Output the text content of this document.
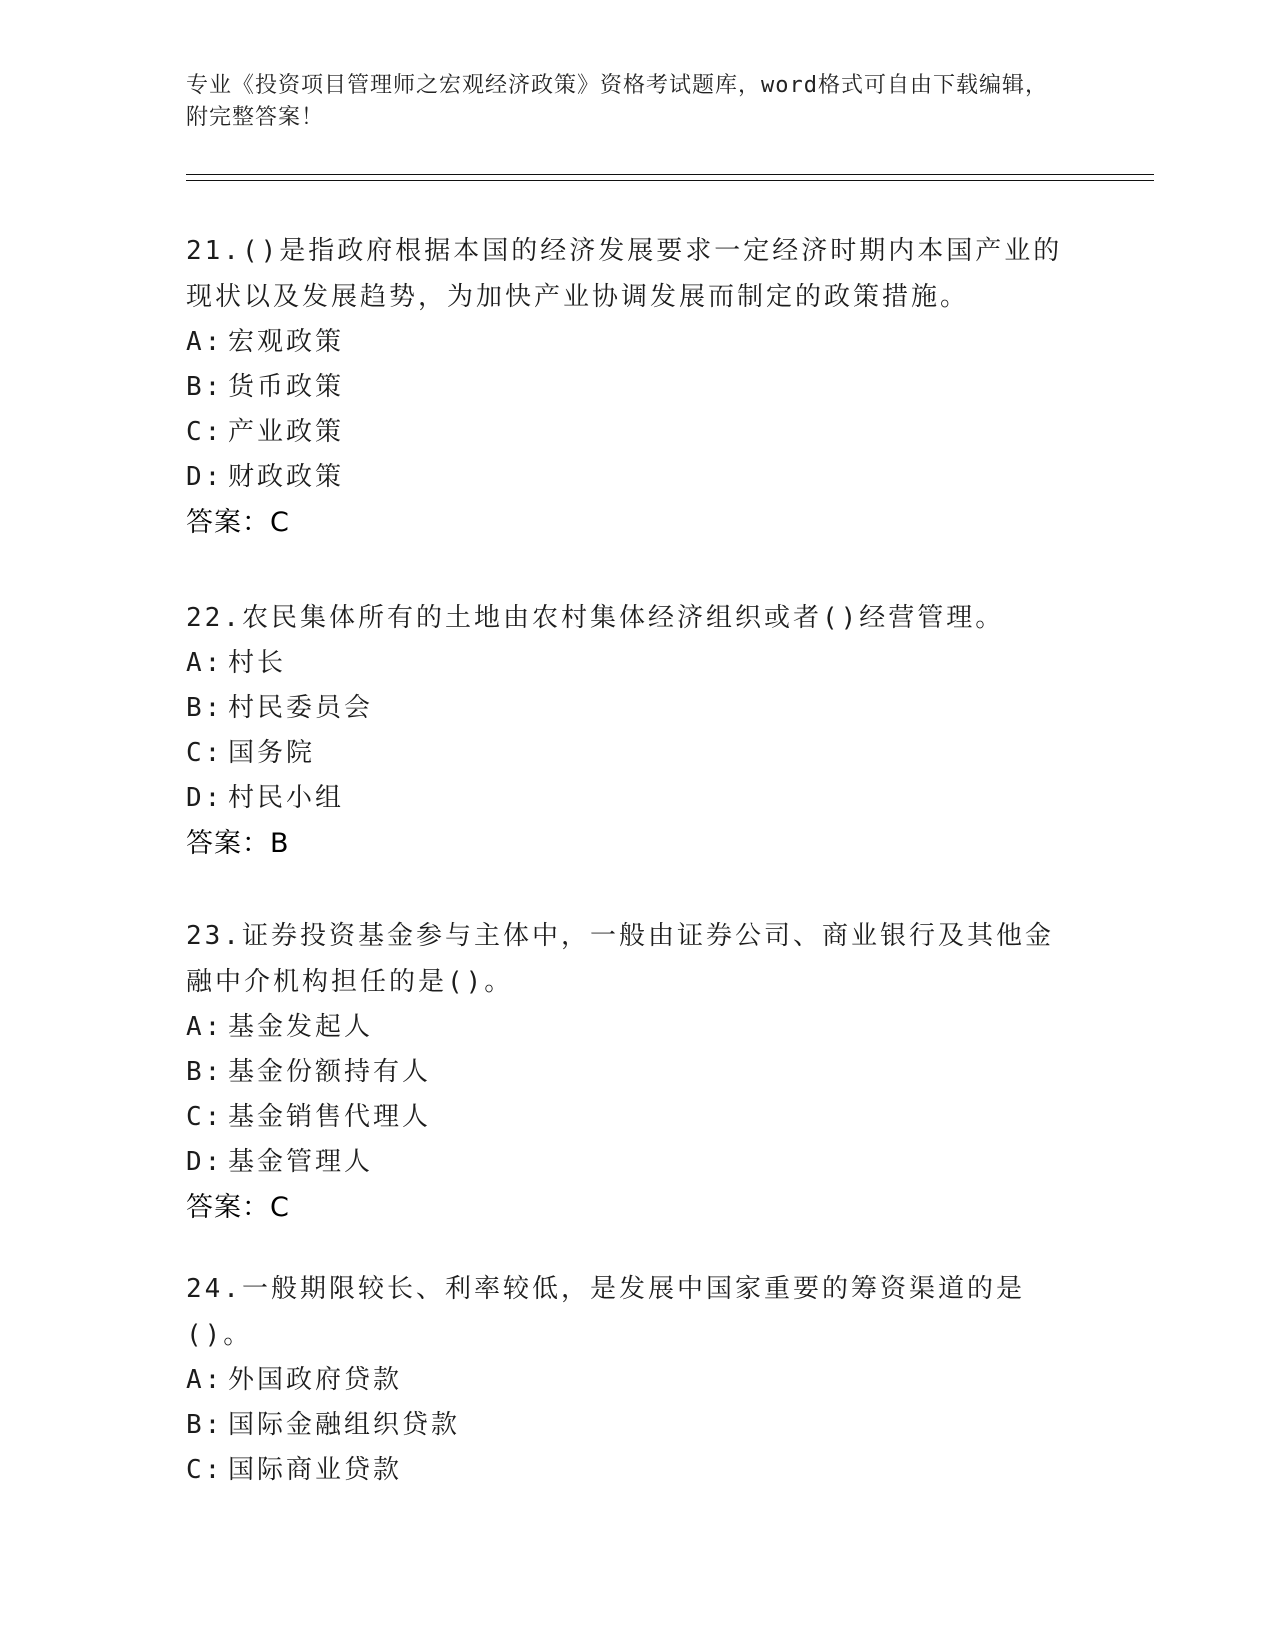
专业《投资项目管理师之宏观经济政策》资格考试题库，word格式可自由下载编辑，附完整答案！

21.()是指政府根据本国的经济发展要求一定经济时期内本国产业的现状以及发展趋势，为加快产业协调发展而制定的政策措施。

A: 宏观政策
B: 货币政策
C: 产业政策
D: 财政政策
答案：C

22.农民集体所有的土地由农村集体经济组织或者()经营管理。

A: 村长
B: 村民委员会
C: 国务院
D: 村民小组
答案：B

23.证券投资基金参与主体中，一般由证券公司、商业银行及其他金融中介机构担任的是()。

A: 基金发起人
B: 基金份额持有人
C: 基金销售代理人
D: 基金管理人
答案：C

24.一般期限较长、利率较低，是发展中国家重要的筹资渠道的是()。

A: 外国政府贷款
B: 国际金融组织贷款
C: 国际商业贷款
